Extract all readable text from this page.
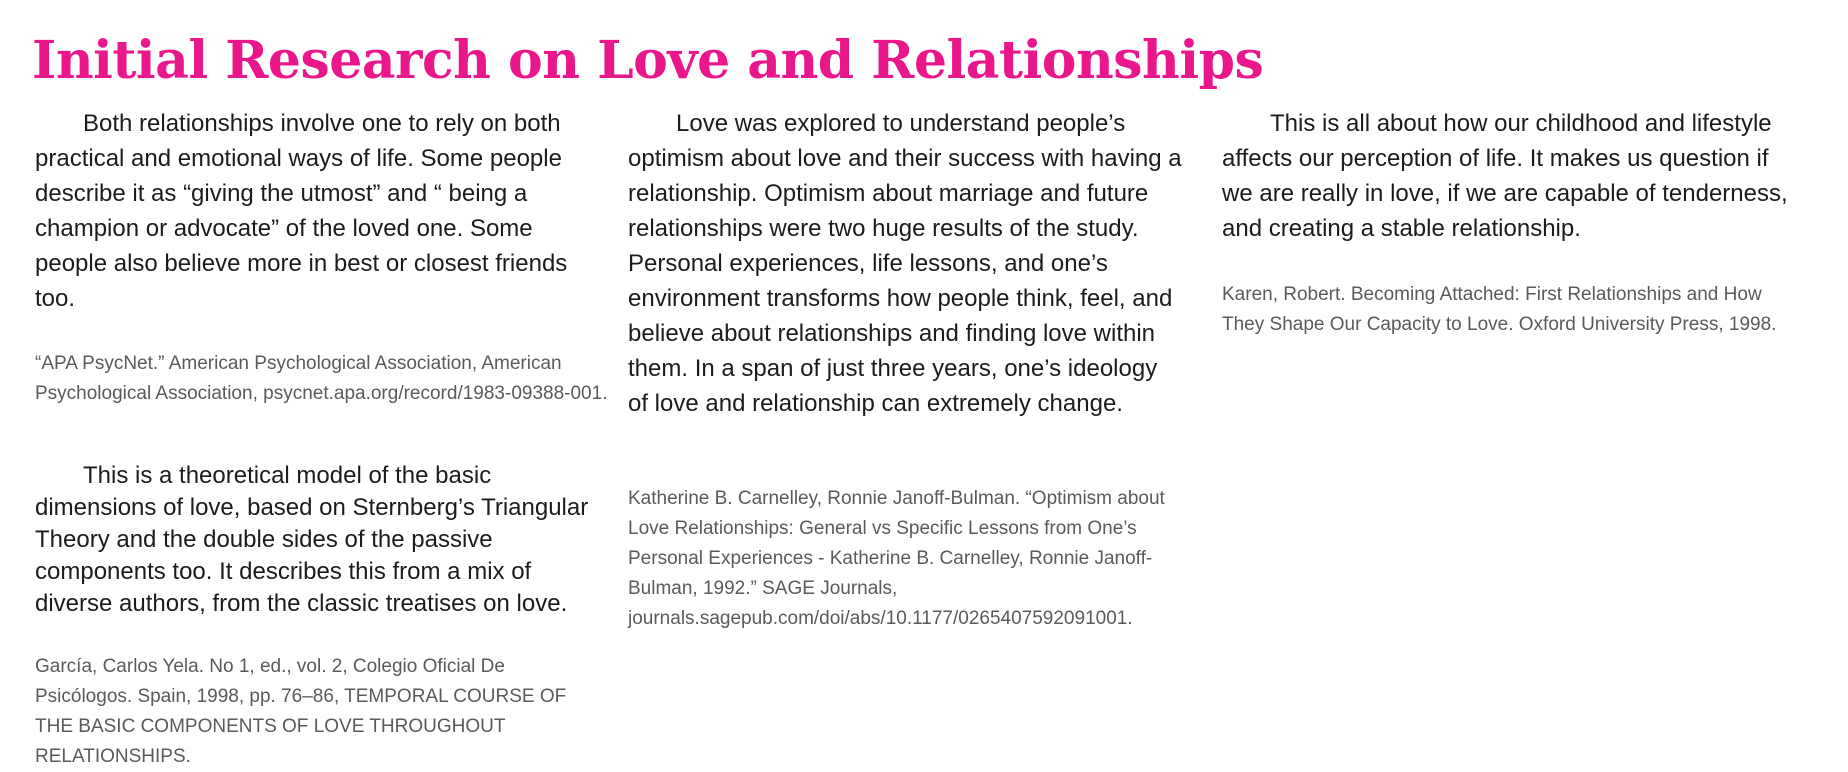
Initial Research on Love and Relationships

Both relationships involve one to rely on both practical and emotional ways of life. Some people describe it as “giving the utmost” and “ being a champion or advocate” of the loved one. Some people also believe more in best or closest friends too.

“APA PsycNet.” American Psychological Association, American Psychological Association, psycnet.apa.org/record/1983-09388-001.

This is a theoretical model of the basic dimensions of love, based on Sternberg’s Triangular Theory and the double sides of the passive components too. It describes this from a mix of diverse authors, from the classic treatises on love.

García, Carlos Yela. No 1, ed., vol. 2, Colegio Oficial De Psicólogos. Spain, 1998, pp. 76–86, TEMPORAL COURSE OF THE BASIC COMPONENTS OF LOVE THROUGHOUT RELATIONSHIPS.

Love was explored to understand people’s optimism about love and their success with having a relationship. Optimism about marriage and future relationships were two huge results of the study. Personal experiences, life lessons, and one’s environment transforms how people think, feel, and believe about relationships and finding love within them. In a span of just three years, one’s ideology of love and relationship can extremely change.

Katherine B. Carnelley, Ronnie Janoff-Bulman. “Optimism about Love Relationships: General vs Specific Lessons from One’s Personal Experiences - Katherine B. Carnelley, Ronnie Janoff-Bulman, 1992.” SAGE Journals, journals.sagepub.com/doi/abs/10.1177/0265407592091001.

This is all about how our childhood and lifestyle affects our perception of life. It makes us question if we are really in love, if we are capable of tenderness, and creating a stable relationship.

Karen, Robert. Becoming Attached: First Relationships and How They Shape Our Capacity to Love. Oxford University Press, 1998.
